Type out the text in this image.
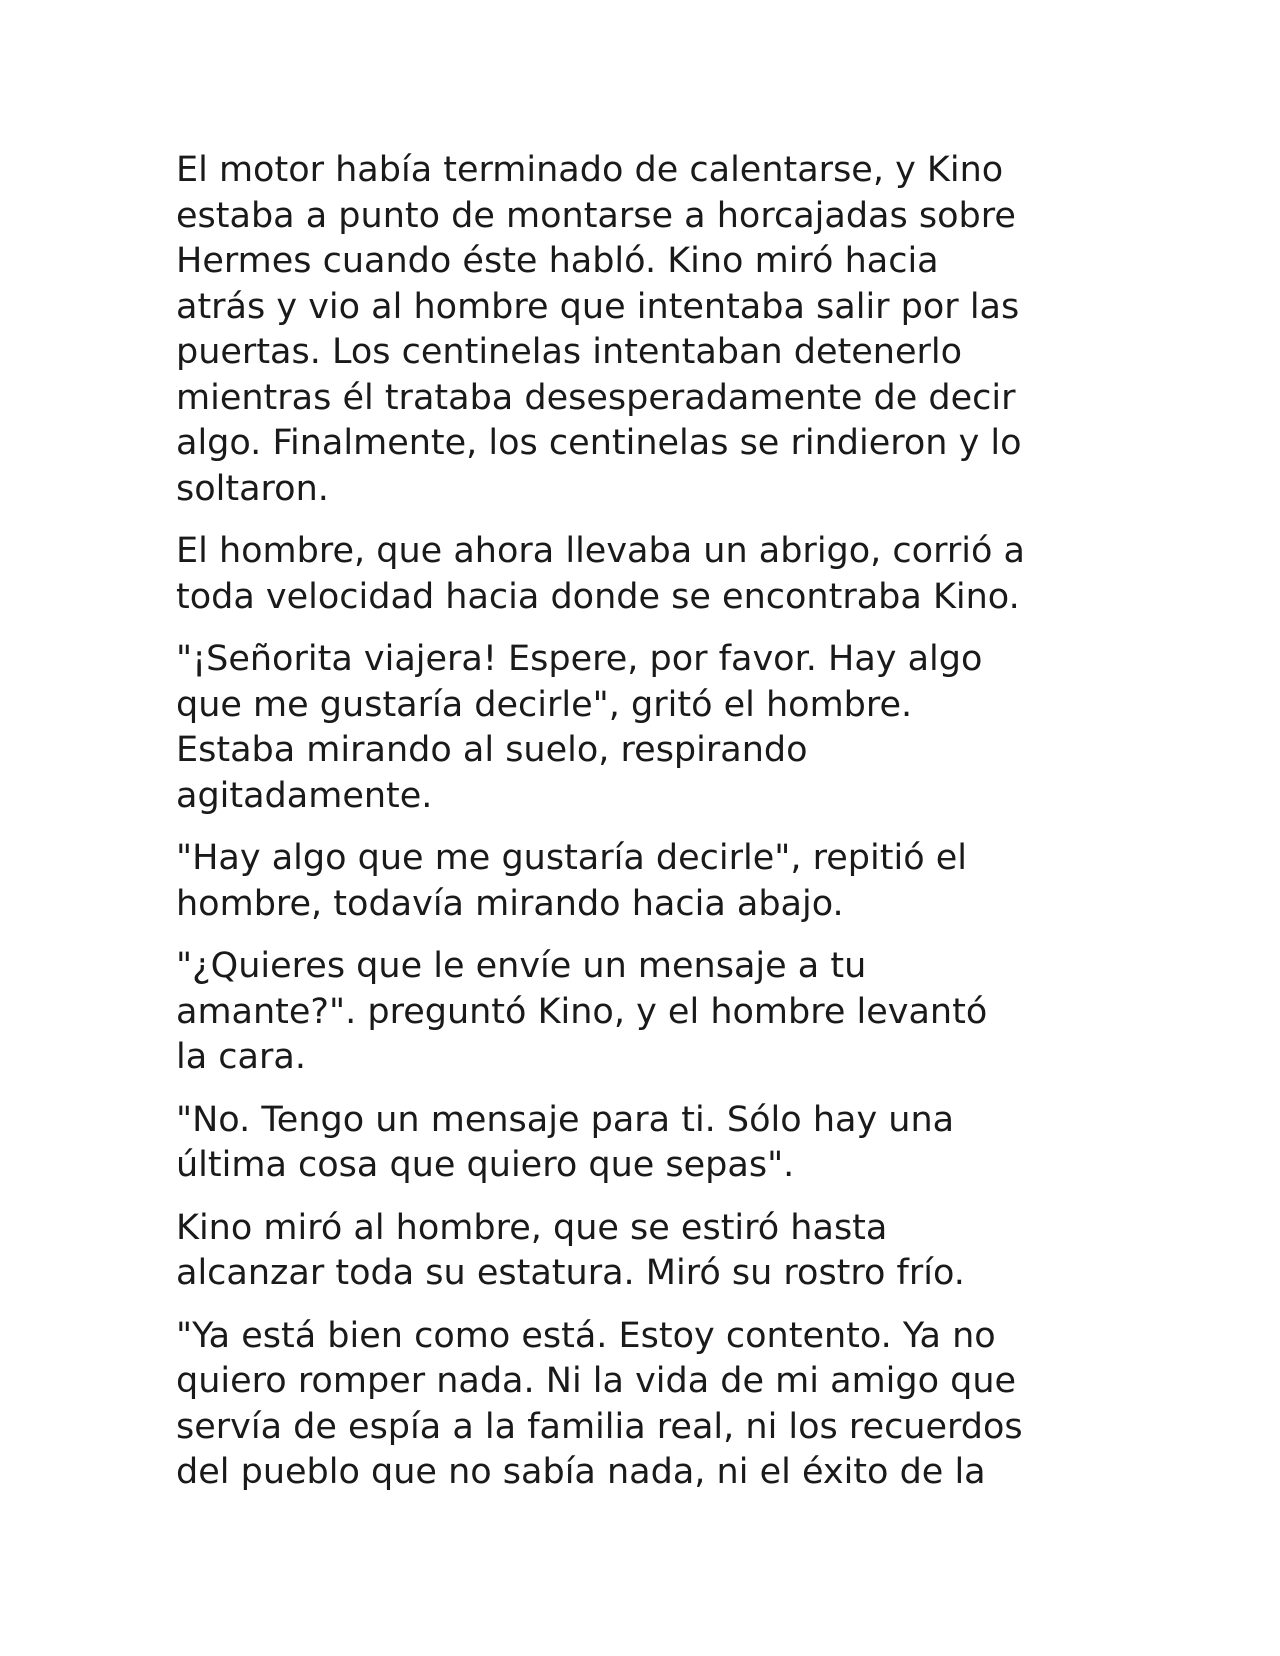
El motor había terminado de calentarse, y Kino
estaba a punto de montarse a horcajadas sobre
Hermes cuando éste habló. Kino miró hacia
atrás y vio al hombre que intentaba salir por las
puertas. Los centinelas intentaban detenerlo
mientras él trataba desesperadamente de decir
algo. Finalmente, los centinelas se rindieron y lo
soltaron.

El hombre, que ahora llevaba un abrigo, corrió a
toda velocidad hacia donde se encontraba Kino.

"¡Señorita viajera! Espere, por favor. Hay algo
que me gustaría decirle", gritó el hombre.
Estaba mirando al suelo, respirando
agitadamente.

"Hay algo que me gustaría decirle", repitió el
hombre, todavía mirando hacia abajo.

"¿Quieres que le envíe un mensaje a tu
amante?". preguntó Kino, y el hombre levantó
la cara.

"No. Tengo un mensaje para ti. Sólo hay una
última cosa que quiero que sepas".

Kino miró al hombre, que se estiró hasta
alcanzar toda su estatura. Miró su rostro frío.

"Ya está bien como está. Estoy contento. Ya no
quiero romper nada. Ni la vida de mi amigo que
servía de espía a la familia real, ni los recuerdos
del pueblo que no sabía nada, ni el éxito de la
